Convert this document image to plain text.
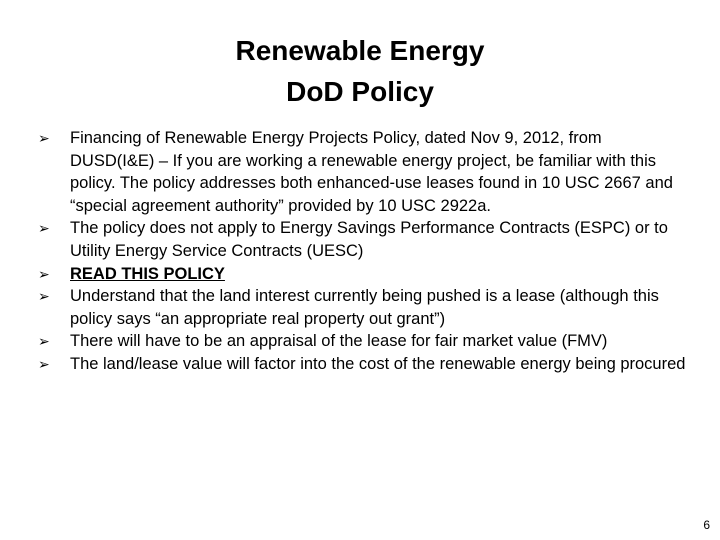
Renewable Energy
DoD Policy
➢ Financing of Renewable Energy Projects Policy, dated Nov 9, 2012, from DUSD(I&E) – If you are working a renewable energy project, be familiar with this policy. The policy addresses both enhanced-use leases found in 10 USC 2667 and “special agreement authority” provided by 10 USC 2922a.
➢ The policy does not apply to Energy Savings Performance Contracts (ESPC) or to Utility Energy Service Contracts (UESC)
➢ READ THIS POLICY
➢ Understand that the land interest currently being pushed is a lease (although this policy says “an appropriate real property out grant”)
➢ There will have to be an appraisal of the lease for fair market value (FMV)
➢ The land/lease value will factor into the cost of the renewable energy being procured
6
